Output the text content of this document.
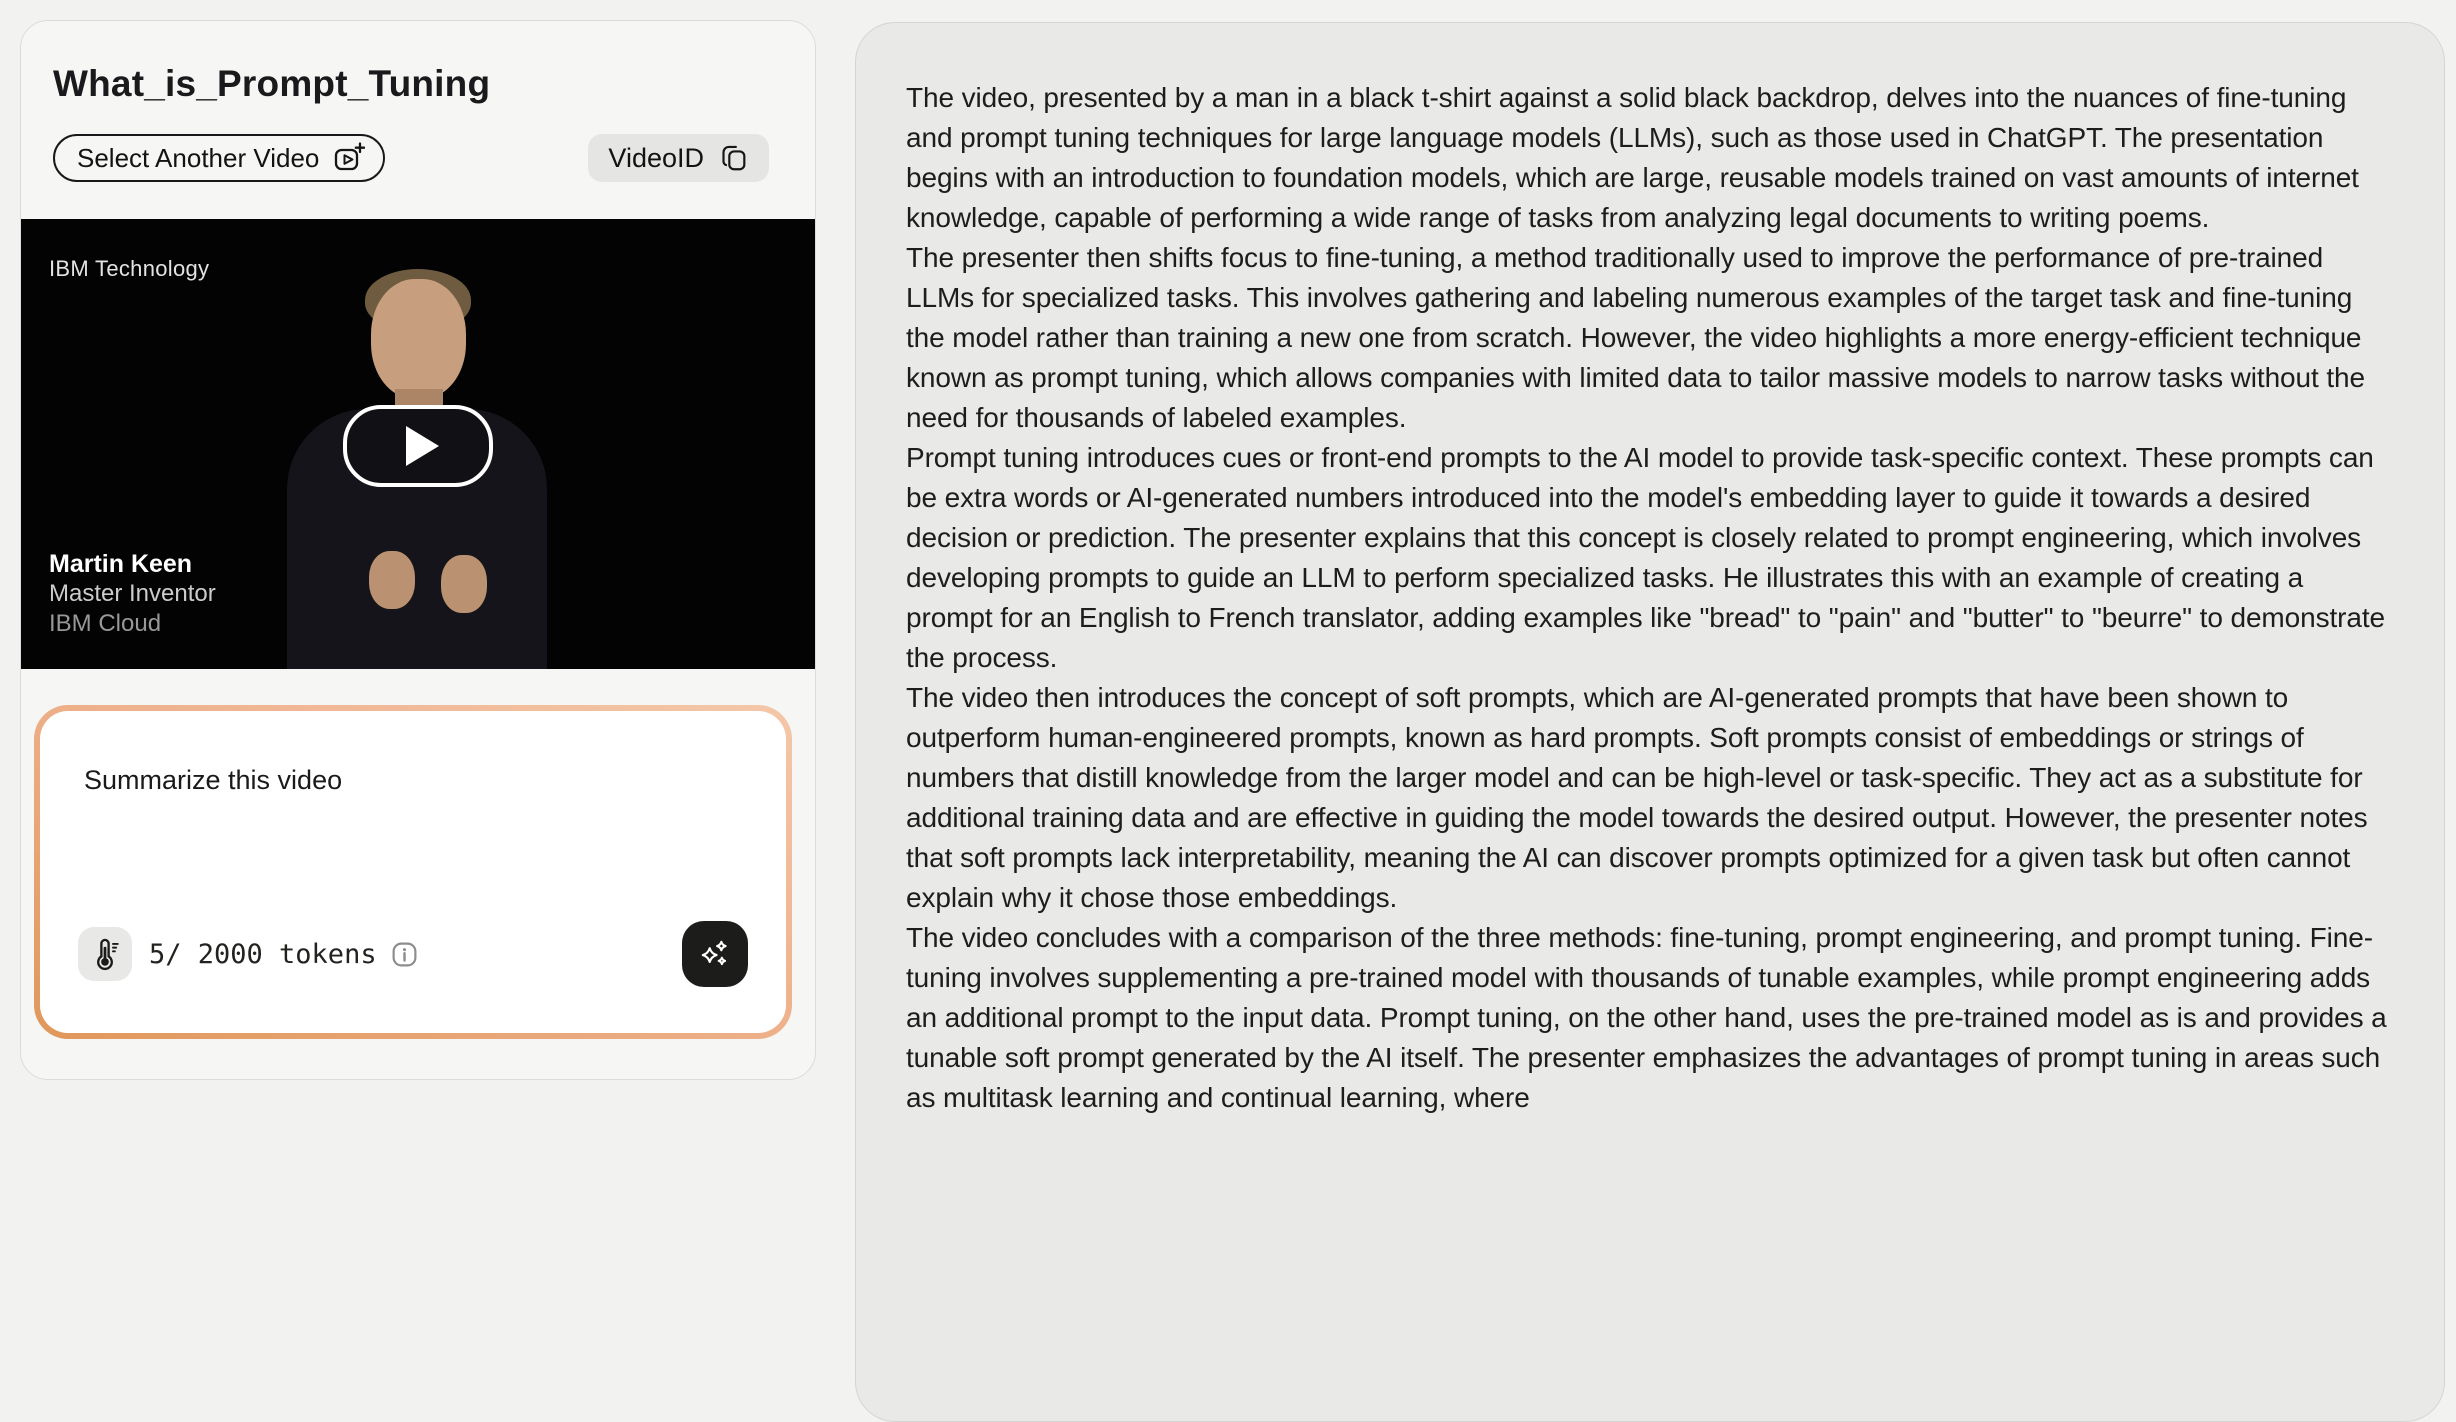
What_is_Prompt_Tuning
Select Another Video	VideoID
IBM Technology
Martin Keen
Master Inventor
IBM Cloud
Summarize this video
5/ 2000 tokens

The video, presented by a man in a black t-shirt against a solid black backdrop, delves into the nuances of fine-tuning and prompt tuning techniques for large language models (LLMs), such as those used in ChatGPT. The presentation begins with an introduction to foundation models, which are large, reusable models trained on vast amounts of internet knowledge, capable of performing a wide range of tasks from analyzing legal documents to writing poems.

The presenter then shifts focus to fine-tuning, a method traditionally used to improve the performance of pre-trained LLMs for specialized tasks. This involves gathering and labeling numerous examples of the target task and fine-tuning the model rather than training a new one from scratch. However, the video highlights a more energy-efficient technique known as prompt tuning, which allows companies with limited data to tailor massive models to narrow tasks without the need for thousands of labeled examples.

Prompt tuning introduces cues or front-end prompts to the AI model to provide task-specific context. These prompts can be extra words or AI-generated numbers introduced into the model's embedding layer to guide it towards a desired decision or prediction. The presenter explains that this concept is closely related to prompt engineering, which involves developing prompts to guide an LLM to perform specialized tasks. He illustrates this with an example of creating a prompt for an English to French translator, adding examples like "bread" to "pain" and "butter" to "beurre" to demonstrate the process.

The video then introduces the concept of soft prompts, which are AI-generated prompts that have been shown to outperform human-engineered prompts, known as hard prompts. Soft prompts consist of embeddings or strings of numbers that distill knowledge from the larger model and can be high-level or task-specific. They act as a substitute for additional training data and are effective in guiding the model towards the desired output. However, the presenter notes that soft prompts lack interpretability, meaning the AI can discover prompts optimized for a given task but often cannot explain why it chose those embeddings.

The video concludes with a comparison of the three methods: fine-tuning, prompt engineering, and prompt tuning. Fine-tuning involves supplementing a pre-trained model with thousands of tunable examples, while prompt engineering adds an additional prompt to the input data. Prompt tuning, on the other hand, uses the pre-trained model as is and provides a tunable soft prompt generated by the AI itself. The presenter emphasizes the advantages of prompt tuning in areas such as multitask learning and continual learning, where
